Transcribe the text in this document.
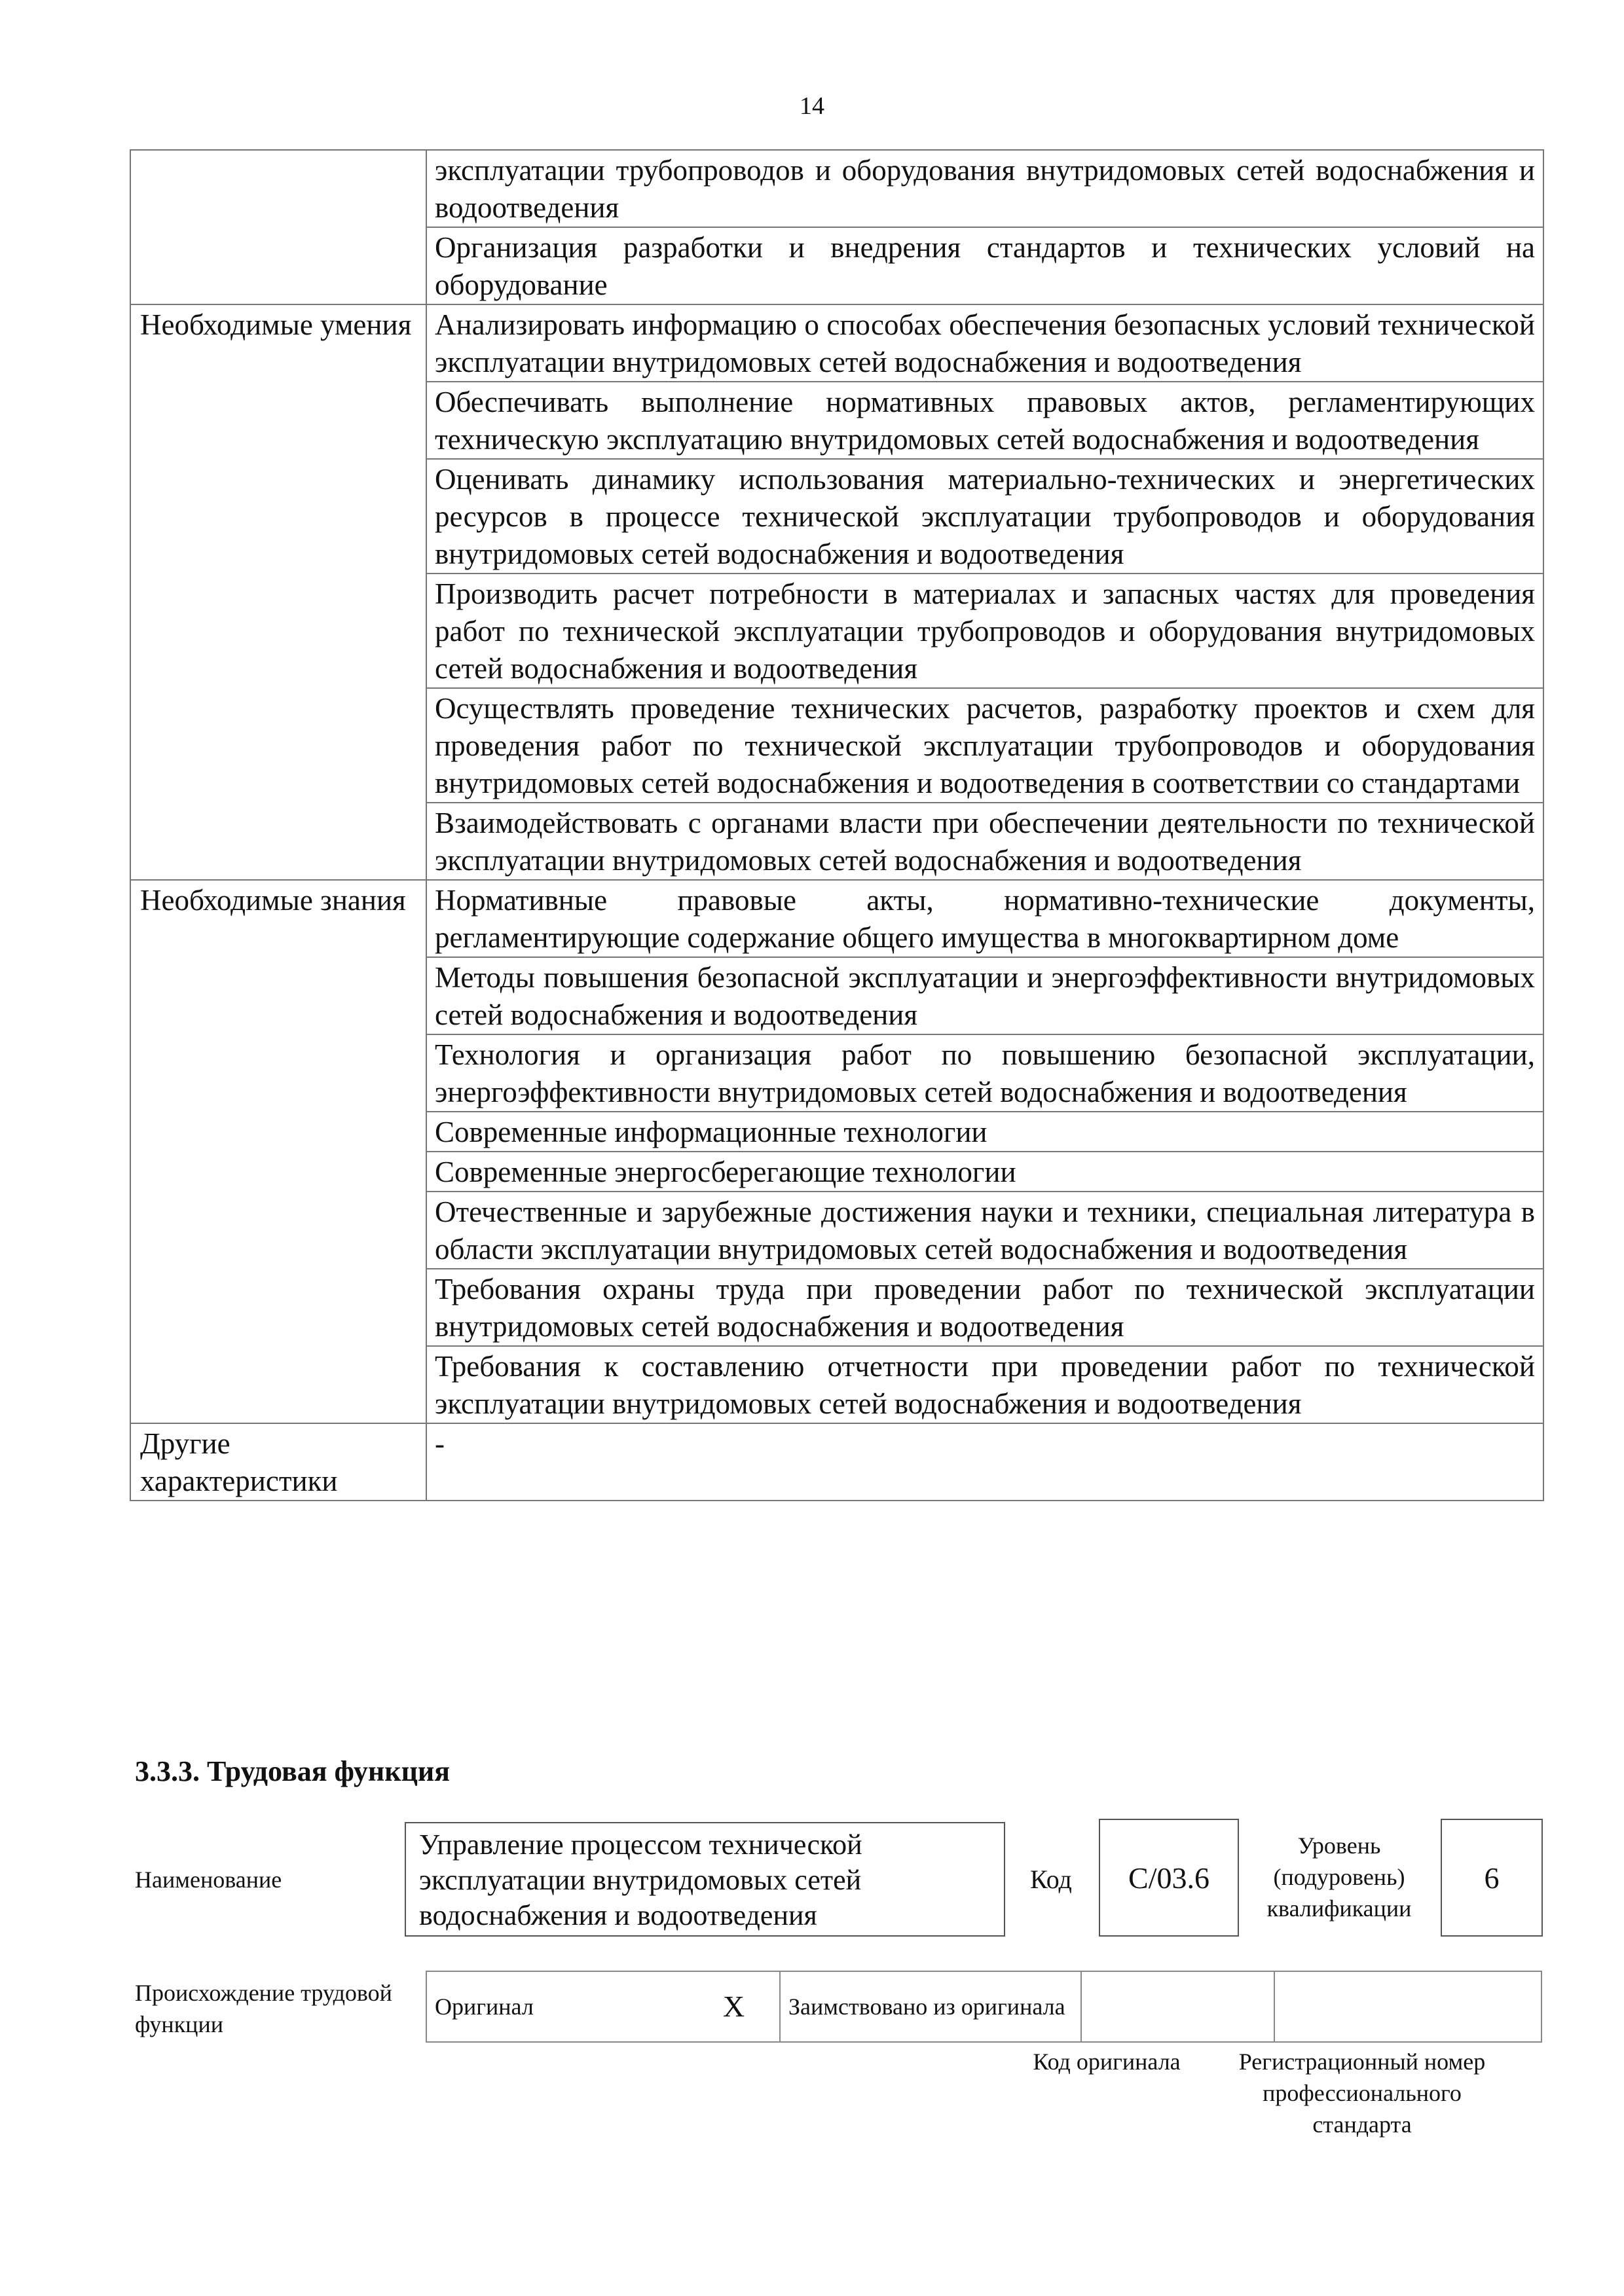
14
	эксплуатации трубопроводов и оборудования внутридомовых сетей водоснабжения и водоотведения
	Организация разработки и внедрения стандартов и технических условий на оборудование
Необходимые умения	Анализировать информацию о способах обеспечения безопасных условий технической эксплуатации внутридомовых сетей водоснабжения и водоотведения
	Обеспечивать выполнение нормативных правовых актов, регламентирующих техническую эксплуатацию внутридомовых сетей водоснабжения и водоотведения
	Оценивать динамику использования материально-технических и энергетических ресурсов в процессе технической эксплуатации трубопроводов и оборудования внутридомовых сетей водоснабжения и водоотведения
	Производить расчет потребности в материалах и запасных частях для проведения работ по технической эксплуатации трубопроводов и оборудования внутридомовых сетей водоснабжения и водоотведения
	Осуществлять проведение технических расчетов, разработку проектов и схем для проведения работ по технической эксплуатации трубопроводов и оборудования внутридомовых сетей водоснабжения и водоотведения в соответствии со стандартами
	Взаимодействовать с органами власти при обеспечении деятельности по технической эксплуатации внутридомовых сетей водоснабжения и водоотведения
Необходимые знания	Нормативные правовые акты, нормативно-технические документы, регламентирующие содержание общего имущества в многоквартирном доме
	Методы повышения безопасной эксплуатации и энергоэффективности внутридомовых сетей водоснабжения и водоотведения
	Технология и организация работ по повышению безопасной эксплуатации, энергоэффективности внутридомовых сетей водоснабжения и водоотведения
	Современные информационные технологии
	Современные энергосберегающие технологии
	Отечественные и зарубежные достижения науки и техники, специальная литература в области эксплуатации внутридомовых сетей водоснабжения и водоотведения
	Требования охраны труда при проведении работ по технической эксплуатации внутридомовых сетей водоснабжения и водоотведения
	Требования к составлению отчетности при проведении работ по технической эксплуатации внутридомовых сетей водоснабжения и водоотведения
Другие характеристики	-
3.3.3. Трудовая функция
Наименование
Управление процессом технической эксплуатации внутридомовых сетей водоснабжения и водоотведения
Код	С/03.6
Уровень (подуровень) квалификации
6
Происхождение трудовой функции
Оригинал	Х	Заимствовано из оригинала		
Код оригинала	Регистрационный номер профессионального стандарта
